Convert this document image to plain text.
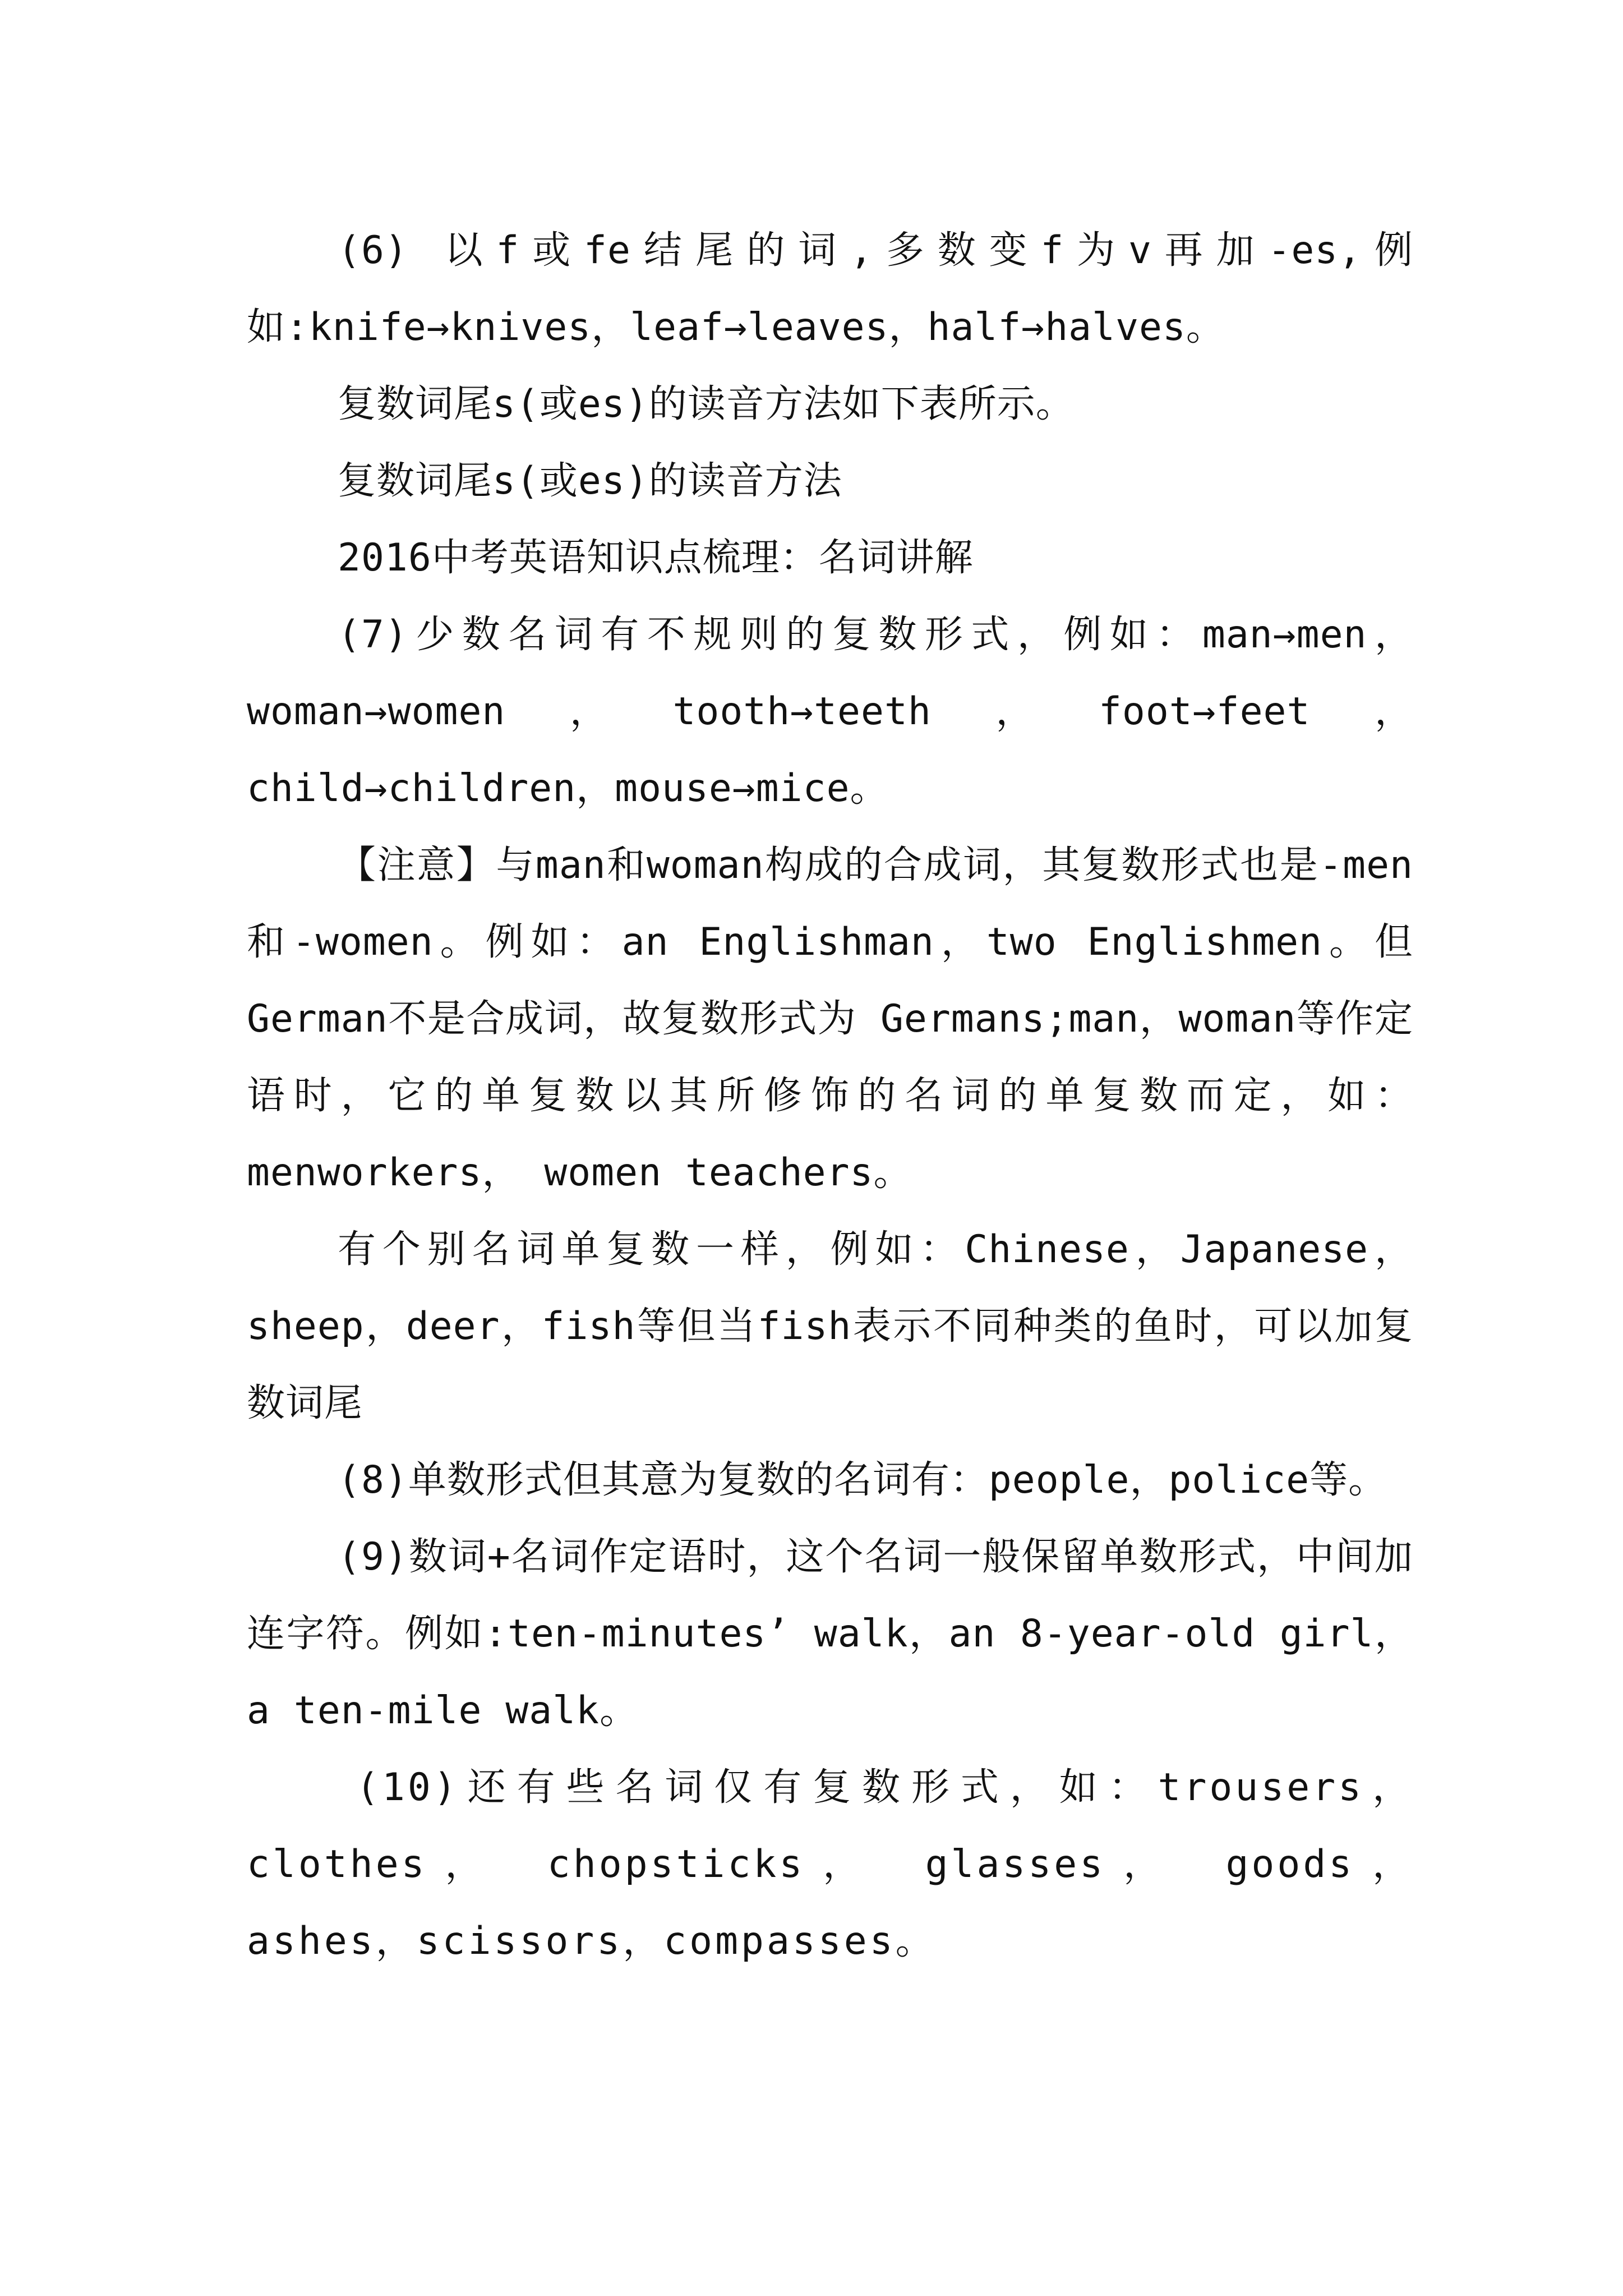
(6) 以f或fe结尾的词,多数变f为v再加-es,例如:knife→knives，leaf→leaves，half→halves。

复数词尾s(或es)的读音方法如下表所示。

复数词尾s(或es)的读音方法

2016中考英语知识点梳理：名词讲解

(7)少数名词有不规则的复数形式，例如：man→men，woman→women，tooth→teeth，foot→feet，child→children，mouse→mice。

【注意】与man和woman构成的合成词，其复数形式也是-men和-women。例如：an Englishman，two Englishmen。但German不是合成词，故复数形式为 Germans;man，woman等作定语时，它的单复数以其所修饰的名词的单复数而定，如：menworkers， women teachers。

有个别名词单复数一样，例如：Chinese，Japanese，sheep，deer，fish等但当fish表示不同种类的鱼时，可以加复数词尾

(8)单数形式但其意为复数的名词有：people，police等。

(9)数词+名词作定语时，这个名词一般保留单数形式，中间加连字符。例如:ten-minutes’ walk，an 8-year-old girl，a ten-mile walk。

(10)还有些名词仅有复数形式，如：trousers，clothes， chopsticks， glasses， goods， ashes，scissors，compasses。
